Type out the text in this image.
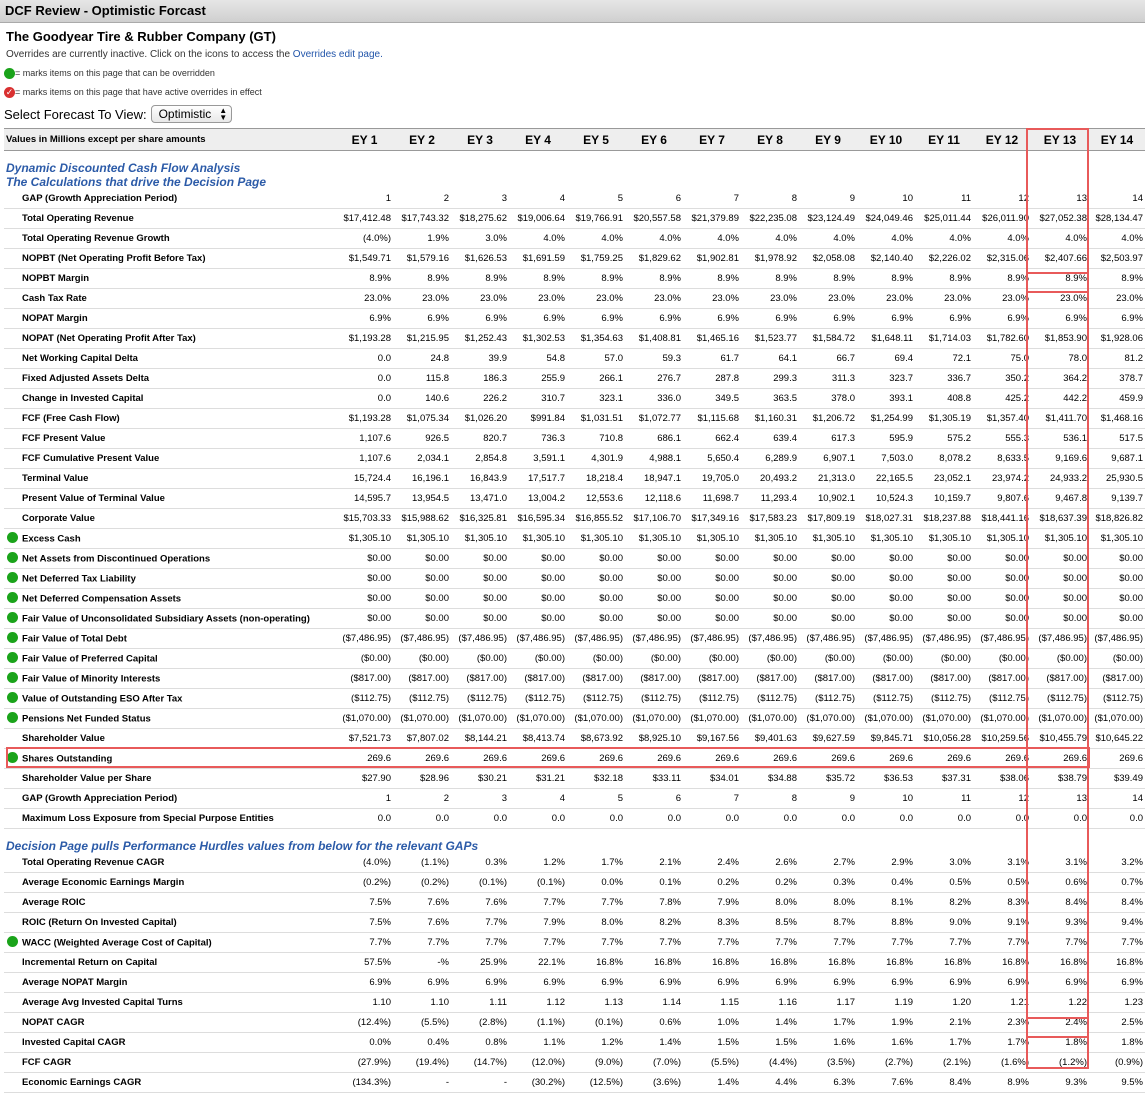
DCF Review - Optimistic Forcast
The Goodyear Tire & Rubber Company (GT)
Overrides are currently inactive. Click on the icons to access the Overrides edit page.
= marks items on this page that can be overridden
✓ = marks items on this page that have active overrides in effect
Select Forecast To View: Optimistic ▲
▼
Values in Millions except per share amounts	EY 1	EY 2	EY 3	EY 4	EY 5	EY 6	EY 7	EY 8	EY 9	EY 10	EY 11	EY 12	EY 13	EY 14

Dynamic Discounted Cash Flow Analysis														
The Calculations that drive the Decision Page														
GAP (Growth Appreciation Period)	1	2	3	4	5	6	7	8	9	10	11	12	13	14
Total Operating Revenue	$17,412.48	$17,743.32	$18,275.62	$19,006.64	$19,766.91	$20,557.58	$21,379.89	$22,235.08	$23,124.49	$24,049.46	$25,011.44	$26,011.90	$27,052.38	$28,134.47
Total Operating Revenue Growth	(4.0%)	1.9%	3.0%	4.0%	4.0%	4.0%	4.0%	4.0%	4.0%	4.0%	4.0%	4.0%	4.0%	4.0%
NOPBT (Net Operating Profit Before Tax)	$1,549.71	$1,579.16	$1,626.53	$1,691.59	$1,759.25	$1,829.62	$1,902.81	$1,978.92	$2,058.08	$2,140.40	$2,226.02	$2,315.06	$2,407.66	$2,503.97
NOPBT Margin	8.9%	8.9%	8.9%	8.9%	8.9%	8.9%	8.9%	8.9%	8.9%	8.9%	8.9%	8.9%	8.9%	8.9%
Cash Tax Rate	23.0%	23.0%	23.0%	23.0%	23.0%	23.0%	23.0%	23.0%	23.0%	23.0%	23.0%	23.0%	23.0%	23.0%
NOPAT Margin	6.9%	6.9%	6.9%	6.9%	6.9%	6.9%	6.9%	6.9%	6.9%	6.9%	6.9%	6.9%	6.9%	6.9%
NOPAT (Net Operating Profit After Tax)	$1,193.28	$1,215.95	$1,252.43	$1,302.53	$1,354.63	$1,408.81	$1,465.16	$1,523.77	$1,584.72	$1,648.11	$1,714.03	$1,782.60	$1,853.90	$1,928.06
Net Working Capital Delta	0.0	24.8	39.9	54.8	57.0	59.3	61.7	64.1	66.7	69.4	72.1	75.0	78.0	81.2
Fixed Adjusted Assets Delta	0.0	115.8	186.3	255.9	266.1	276.7	287.8	299.3	311.3	323.7	336.7	350.2	364.2	378.7
Change in Invested Capital	0.0	140.6	226.2	310.7	323.1	336.0	349.5	363.5	378.0	393.1	408.8	425.2	442.2	459.9
FCF (Free Cash Flow)	$1,193.28	$1,075.34	$1,026.20	$991.84	$1,031.51	$1,072.77	$1,115.68	$1,160.31	$1,206.72	$1,254.99	$1,305.19	$1,357.40	$1,411.70	$1,468.16
FCF Present Value	1,107.6	926.5	820.7	736.3	710.8	686.1	662.4	639.4	617.3	595.9	575.2	555.3	536.1	517.5
FCF Cumulative Present Value	1,107.6	2,034.1	2,854.8	3,591.1	4,301.9	4,988.1	5,650.4	6,289.9	6,907.1	7,503.0	8,078.2	8,633.5	9,169.6	9,687.1
Terminal Value	15,724.4	16,196.1	16,843.9	17,517.7	18,218.4	18,947.1	19,705.0	20,493.2	21,313.0	22,165.5	23,052.1	23,974.2	24,933.2	25,930.5
Present Value of Terminal Value	14,595.7	13,954.5	13,471.0	13,004.2	12,553.6	12,118.6	11,698.7	11,293.4	10,902.1	10,524.3	10,159.7	9,807.6	9,467.8	9,139.7
Corporate Value	$15,703.33	$15,988.62	$16,325.81	$16,595.34	$16,855.52	$17,106.70	$17,349.16	$17,583.23	$17,809.19	$18,027.31	$18,237.88	$18,441.16	$18,637.39	$18,826.82
Excess Cash	$1,305.10	$1,305.10	$1,305.10	$1,305.10	$1,305.10	$1,305.10	$1,305.10	$1,305.10	$1,305.10	$1,305.10	$1,305.10	$1,305.10	$1,305.10	$1,305.10
Net Assets from Discontinued Operations	$0.00	$0.00	$0.00	$0.00	$0.00	$0.00	$0.00	$0.00	$0.00	$0.00	$0.00	$0.00	$0.00	$0.00
Net Deferred Tax Liability	$0.00	$0.00	$0.00	$0.00	$0.00	$0.00	$0.00	$0.00	$0.00	$0.00	$0.00	$0.00	$0.00	$0.00
Net Deferred Compensation Assets	$0.00	$0.00	$0.00	$0.00	$0.00	$0.00	$0.00	$0.00	$0.00	$0.00	$0.00	$0.00	$0.00	$0.00
Fair Value of Unconsolidated Subsidiary Assets (non-operating)	$0.00	$0.00	$0.00	$0.00	$0.00	$0.00	$0.00	$0.00	$0.00	$0.00	$0.00	$0.00	$0.00	$0.00
Fair Value of Total Debt	($7,486.95)	($7,486.95)	($7,486.95)	($7,486.95)	($7,486.95)	($7,486.95)	($7,486.95)	($7,486.95)	($7,486.95)	($7,486.95)	($7,486.95)	($7,486.95)	($7,486.95)	($7,486.95)
Fair Value of Preferred Capital	($0.00)	($0.00)	($0.00)	($0.00)	($0.00)	($0.00)	($0.00)	($0.00)	($0.00)	($0.00)	($0.00)	($0.00)	($0.00)	($0.00)
Fair Value of Minority Interests	($817.00)	($817.00)	($817.00)	($817.00)	($817.00)	($817.00)	($817.00)	($817.00)	($817.00)	($817.00)	($817.00)	($817.00)	($817.00)	($817.00)
Value of Outstanding ESO After Tax	($112.75)	($112.75)	($112.75)	($112.75)	($112.75)	($112.75)	($112.75)	($112.75)	($112.75)	($112.75)	($112.75)	($112.75)	($112.75)	($112.75)
Pensions Net Funded Status	($1,070.00)	($1,070.00)	($1,070.00)	($1,070.00)	($1,070.00)	($1,070.00)	($1,070.00)	($1,070.00)	($1,070.00)	($1,070.00)	($1,070.00)	($1,070.00)	($1,070.00)	($1,070.00)
Shareholder Value	$7,521.73	$7,807.02	$8,144.21	$8,413.74	$8,673.92	$8,925.10	$9,167.56	$9,401.63	$9,627.59	$9,845.71	$10,056.28	$10,259.56	$10,455.79	$10,645.22
Shares Outstanding	269.6	269.6	269.6	269.6	269.6	269.6	269.6	269.6	269.6	269.6	269.6	269.6	269.6	269.6
Shareholder Value per Share	$27.90	$28.96	$30.21	$31.21	$32.18	$33.11	$34.01	$34.88	$35.72	$36.53	$37.31	$38.06	$38.79	$39.49
GAP (Growth Appreciation Period)	1	2	3	4	5	6	7	8	9	10	11	12	13	14
Maximum Loss Exposure from Special Purpose Entities	0.0	0.0	0.0	0.0	0.0	0.0	0.0	0.0	0.0	0.0	0.0	0.0	0.0	0.0

Decision Page pulls Performance Hurdles values from below for the relevant GAPs														
Total Operating Revenue CAGR	(4.0%)	(1.1%)	0.3%	1.2%	1.7%	2.1%	2.4%	2.6%	2.7%	2.9%	3.0%	3.1%	3.1%	3.2%
Average Economic Earnings Margin	(0.2%)	(0.2%)	(0.1%)	(0.1%)	0.0%	0.1%	0.2%	0.2%	0.3%	0.4%	0.5%	0.5%	0.6%	0.7%
Average ROIC	7.5%	7.6%	7.6%	7.7%	7.7%	7.8%	7.9%	8.0%	8.0%	8.1%	8.2%	8.3%	8.4%	8.4%
ROIC (Return On Invested Capital)	7.5%	7.6%	7.7%	7.9%	8.0%	8.2%	8.3%	8.5%	8.7%	8.8%	9.0%	9.1%	9.3%	9.4%
WACC (Weighted Average Cost of Capital)	7.7%	7.7%	7.7%	7.7%	7.7%	7.7%	7.7%	7.7%	7.7%	7.7%	7.7%	7.7%	7.7%	7.7%
Incremental Return on Capital	57.5%	-%	25.9%	22.1%	16.8%	16.8%	16.8%	16.8%	16.8%	16.8%	16.8%	16.8%	16.8%	16.8%
Average NOPAT Margin	6.9%	6.9%	6.9%	6.9%	6.9%	6.9%	6.9%	6.9%	6.9%	6.9%	6.9%	6.9%	6.9%	6.9%
Average Avg Invested Capital Turns	1.10	1.10	1.11	1.12	1.13	1.14	1.15	1.16	1.17	1.19	1.20	1.21	1.22	1.23
NOPAT CAGR	(12.4%)	(5.5%)	(2.8%)	(1.1%)	(0.1%)	0.6%	1.0%	1.4%	1.7%	1.9%	2.1%	2.3%	2.4%	2.5%
Invested Capital CAGR	0.0%	0.4%	0.8%	1.1%	1.2%	1.4%	1.5%	1.5%	1.6%	1.6%	1.7%	1.7%	1.8%	1.8%
FCF CAGR	(27.9%)	(19.4%)	(14.7%)	(12.0%)	(9.0%)	(7.0%)	(5.5%)	(4.4%)	(3.5%)	(2.7%)	(2.1%)	(1.6%)	(1.2%)	(0.9%)
Economic Earnings CAGR	(134.3%)	-	-	(30.2%)	(12.5%)	(3.6%)	1.4%	4.4%	6.3%	7.6%	8.4%	8.9%	9.3%	9.5%
